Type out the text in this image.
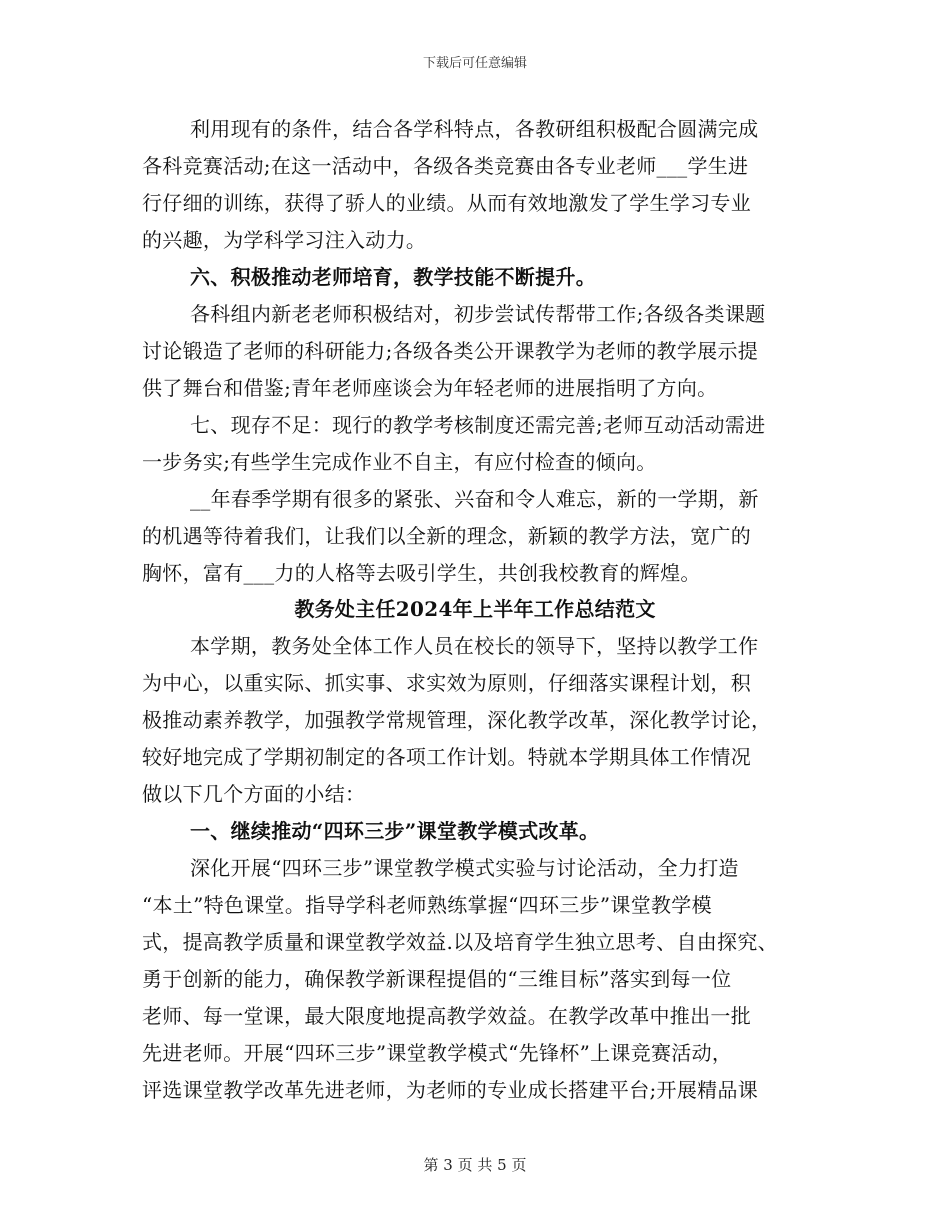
下载后可任意编辑
利用现有的条件，结合各学科特点，各教研组积极配合圆满完成
各科竞赛活动;在这一活动中，各级各类竞赛由各专业老师___学生进
行仔细的训练，获得了骄人的业绩。从而有效地激发了学生学习专业
的兴趣，为学科学习注入动力。
六、积极推动老师培育，教学技能不断提升。
各科组内新老老师积极结对，初步尝试传帮带工作;各级各类课题
讨论锻造了老师的科研能力;各级各类公开课教学为老师的教学展示提
供了舞台和借鉴;青年老师座谈会为年轻老师的进展指明了方向。
七、现存不足：现行的教学考核制度还需完善;老师互动活动需进
一步务实;有些学生完成作业不自主，有应付检查的倾向。
__年春季学期有很多的紧张、兴奋和令人难忘，新的一学期，新
的机遇等待着我们，让我们以全新的理念，新颖的教学方法，宽广的
胸怀，富有___力的人格等去吸引学生，共创我校教育的辉煌。
教务处主任2024年上半年工作总结范文
本学期，教务处全体工作人员在校长的领导下，坚持以教学工作
为中心，以重实际、抓实事、求实效为原则，仔细落实课程计划，积
极推动素养教学，加强教学常规管理，深化教学改革，深化教学讨论，
较好地完成了学期初制定的各项工作计划。特就本学期具体工作情况
做以下几个方面的小结：
一、继续推动“四环三步”课堂教学模式改革。
深化开展“四环三步”课堂教学模式实验与讨论活动，全力打造
“本土”特色课堂。指导学科老师熟练掌握“四环三步”课堂教学模
式，提高教学质量和课堂教学效益.以及培育学生独立思考、自由探究、
勇于创新的能力，确保教学新课程提倡的“三维目标”落实到每一位
老师、每一堂课，最大限度地提高教学效益。在教学改革中推出一批
先进老师。开展“四环三步”课堂教学模式“先锋杯”上课竞赛活动，
评选课堂教学改革先进老师，为老师的专业成长搭建平台;开展精品课
第 3 页 共 5 页
